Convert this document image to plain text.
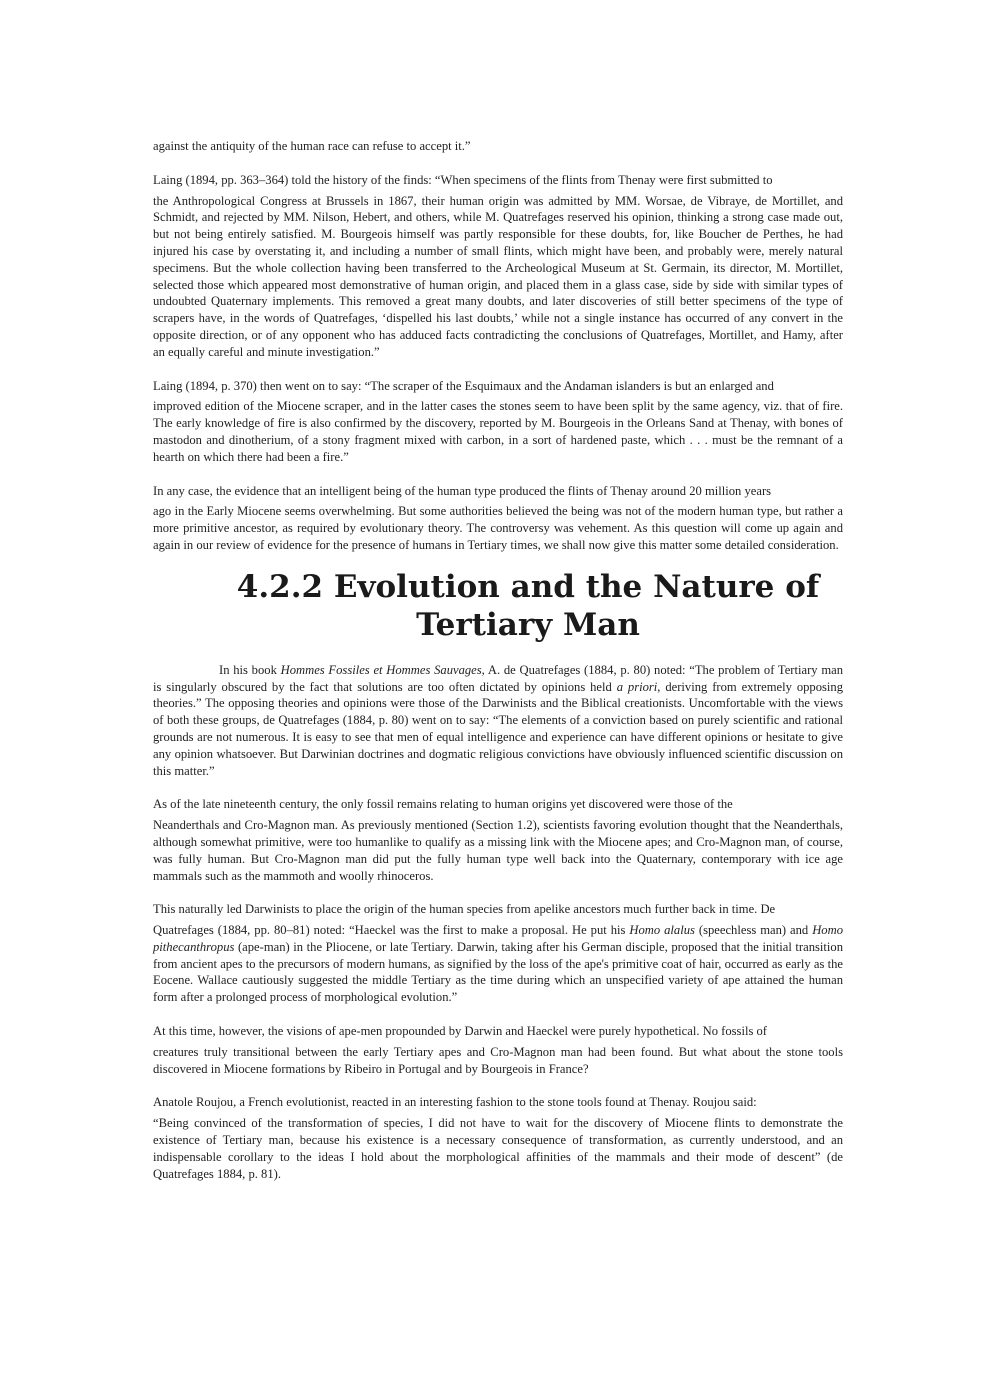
against the antiquity of the human race can refuse to accept it.”

Laing (1894, pp. 363–364) told the history of the finds: “When specimens of the flints from Thenay were first submitted to
the Anthropological Congress at Brussels in 1867, their human origin was admitted by MM. Worsae, de Vibraye, de Mortillet, and Schmidt, and rejected by MM. Nilson, Hebert, and others, while M. Quatrefages reserved his opinion, thinking a strong case made out, but not being entirely satisfied. M. Bourgeois himself was partly responsible for these doubts, for, like Boucher de Perthes, he had injured his case by overstating it, and including a number of small flints, which might have been, and probably were, merely natural specimens. But the whole collection having been transferred to the Archeological Museum at St. Germain, its director, M. Mortillet, selected those which appeared most demonstrative of human origin, and placed them in a glass case, side by side with similar types of undoubted Quaternary implements. This removed a great many doubts, and later discoveries of still better specimens of the type of scrapers have, in the words of Quatrefages, ‘dispelled his last doubts,’ while not a single instance has occurred of any convert in the opposite direction, or of any opponent who has adduced facts contradicting the conclusions of Quatrefages, Mortillet, and Hamy, after an equally careful and minute investigation.”

Laing (1894, p. 370) then went on to say: “The scraper of the Esquimaux and the Andaman islanders is but an enlarged and
improved edition of the Miocene scraper, and in the latter cases the stones seem to have been split by the same agency, viz. that of fire. The early knowledge of fire is also confirmed by the discovery, reported by M. Bourgeois in the Orleans Sand at Thenay, with bones of mastodon and dinotherium, of a stony fragment mixed with carbon, in a sort of hardened paste, which . . . must be the remnant of a hearth on which there had been a fire.”

In any case, the evidence that an intelligent being of the human type produced the flints of Thenay around 20 million years
ago in the Early Miocene seems overwhelming. But some authorities believed the being was not of the modern human type, but rather a more primitive ancestor, as required by evolutionary theory. The controversy was vehement. As this question will come up again and again in our review of evidence for the presence of humans in Tertiary times, we shall now give this matter some detailed consideration.

4.2.2 Evolution and the Nature of Tertiary Man

In his book Hommes Fossiles et Hommes Sauvages, A. de Quatrefages (1884, p. 80) noted: “The problem of Tertiary man is singularly obscured by the fact that solutions are too often dictated by opinions held a priori, deriving from extremely opposing theories.” The opposing theories and opinions were those of the Darwinists and the Biblical creationists. Uncomfortable with the views of both these groups, de Quatrefages (1884, p. 80) went on to say: “The elements of a conviction based on purely scientific and rational grounds are not numerous. It is easy to see that men of equal intelligence and experience can have different opinions or hesitate to give any opinion whatsoever. But Darwinian doctrines and dogmatic religious convictions have obviously influenced scientific discussion on this matter.”

As of the late nineteenth century, the only fossil remains relating to human origins yet discovered were those of the
Neanderthals and Cro-Magnon man. As previously mentioned (Section 1.2), scientists favoring evolution thought that the Neanderthals, although somewhat primitive, were too humanlike to qualify as a missing link with the Miocene apes; and Cro-Magnon man, of course, was fully human. But Cro-Magnon man did put the fully human type well back into the Quaternary, contemporary with ice age mammals such as the mammoth and woolly rhinoceros.

This naturally led Darwinists to place the origin of the human species from apelike ancestors much further back in time. De
Quatrefages (1884, pp. 80–81) noted: “Haeckel was the first to make a proposal. He put his Homo alalus (speechless man) and Homo pithecanthropus (ape-man) in the Pliocene, or late Tertiary. Darwin, taking after his German disciple, proposed that the initial transition from ancient apes to the precursors of modern humans, as signified by the loss of the ape's primitive coat of hair, occurred as early as the Eocene. Wallace cautiously suggested the middle Tertiary as the time during which an unspecified variety of ape attained the human form after a prolonged process of morphological evolution.”

At this time, however, the visions of ape-men propounded by Darwin and Haeckel were purely hypothetical. No fossils of
creatures truly transitional between the early Tertiary apes and Cro-Magnon man had been found. But what about the stone tools discovered in Miocene formations by Ribeiro in Portugal and by Bourgeois in France?

Anatole Roujou, a French evolutionist, reacted in an interesting fashion to the stone tools found at Thenay. Roujou said:
“Being convinced of the transformation of species, I did not have to wait for the discovery of Miocene flints to demonstrate the existence of Tertiary man, because his existence is a necessary consequence of transformation, as currently understood, and an indispensable corollary to the ideas I hold about the morphological affinities of the mammals and their mode of descent” (de Quatrefages 1884, p. 81).
